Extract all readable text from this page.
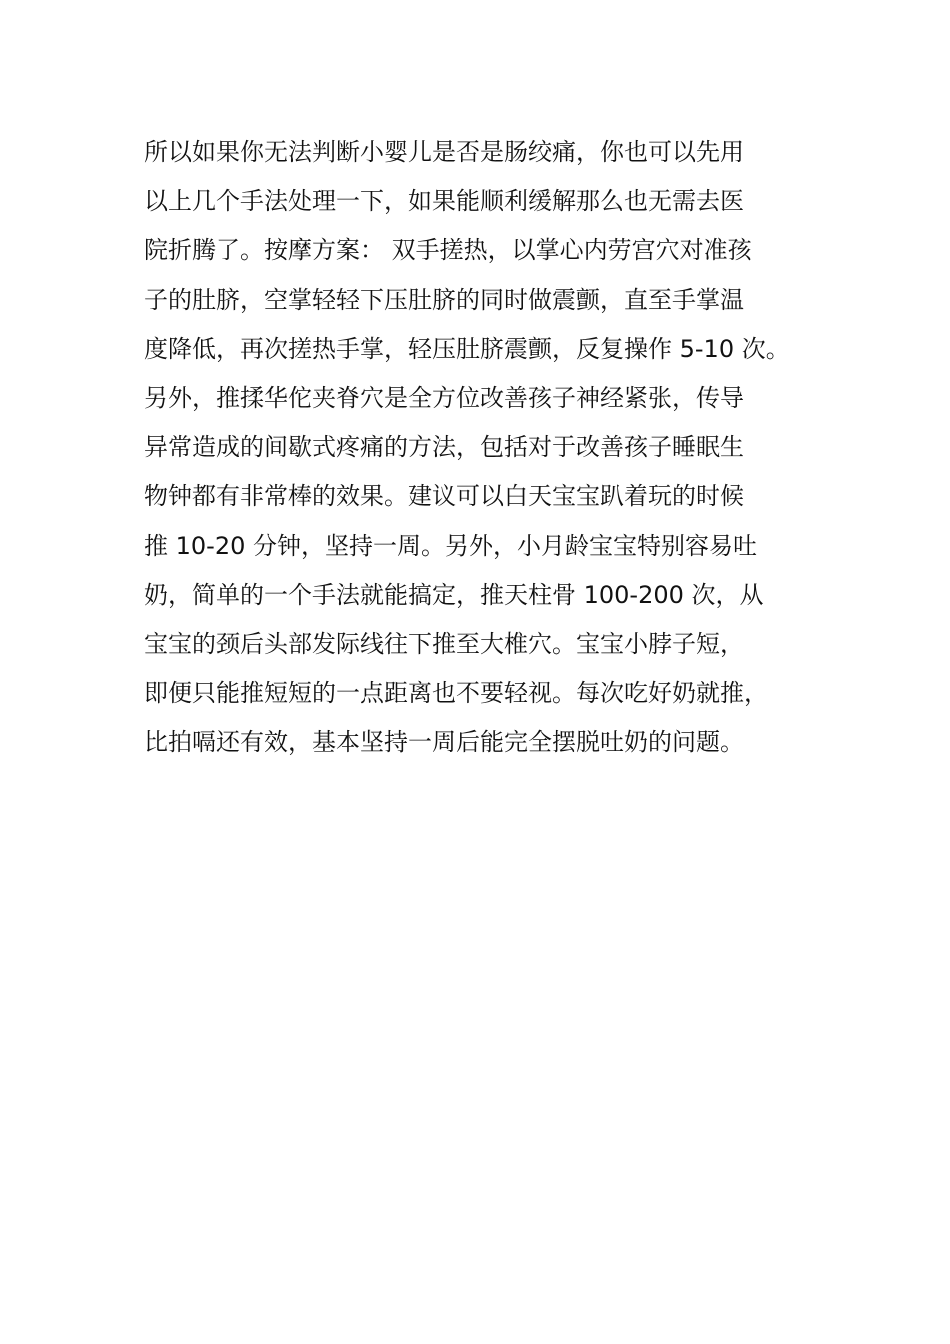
所以如果你无法判断小婴儿是否是肠绞痛，你也可以先用
以上几个手法处理一下，如果能顺利缓解那么也无需去医
院折腾了。按摩方案： 双手搓热，以掌心内劳宫穴对准孩
子的肚脐，空掌轻轻下压肚脐的同时做震颤，直至手掌温
度降低，再次搓热手掌，轻压肚脐震颤，反复操作 5-10 次。
另外，推揉华佗夹脊穴是全方位改善孩子神经紧张，传导
异常造成的间歇式疼痛的方法，包括对于改善孩子睡眠生
物钟都有非常棒的效果。建议可以白天宝宝趴着玩的时候
推 10-20 分钟，坚持一周。另外，小月龄宝宝特别容易吐
奶，简单的一个手法就能搞定，推天柱骨 100-200 次，从
宝宝的颈后头部发际线往下推至大椎穴。宝宝小脖子短，
即便只能推短短的一点距离也不要轻视。每次吃好奶就推，
比拍嗝还有效，基本坚持一周后能完全摆脱吐奶的问题。
